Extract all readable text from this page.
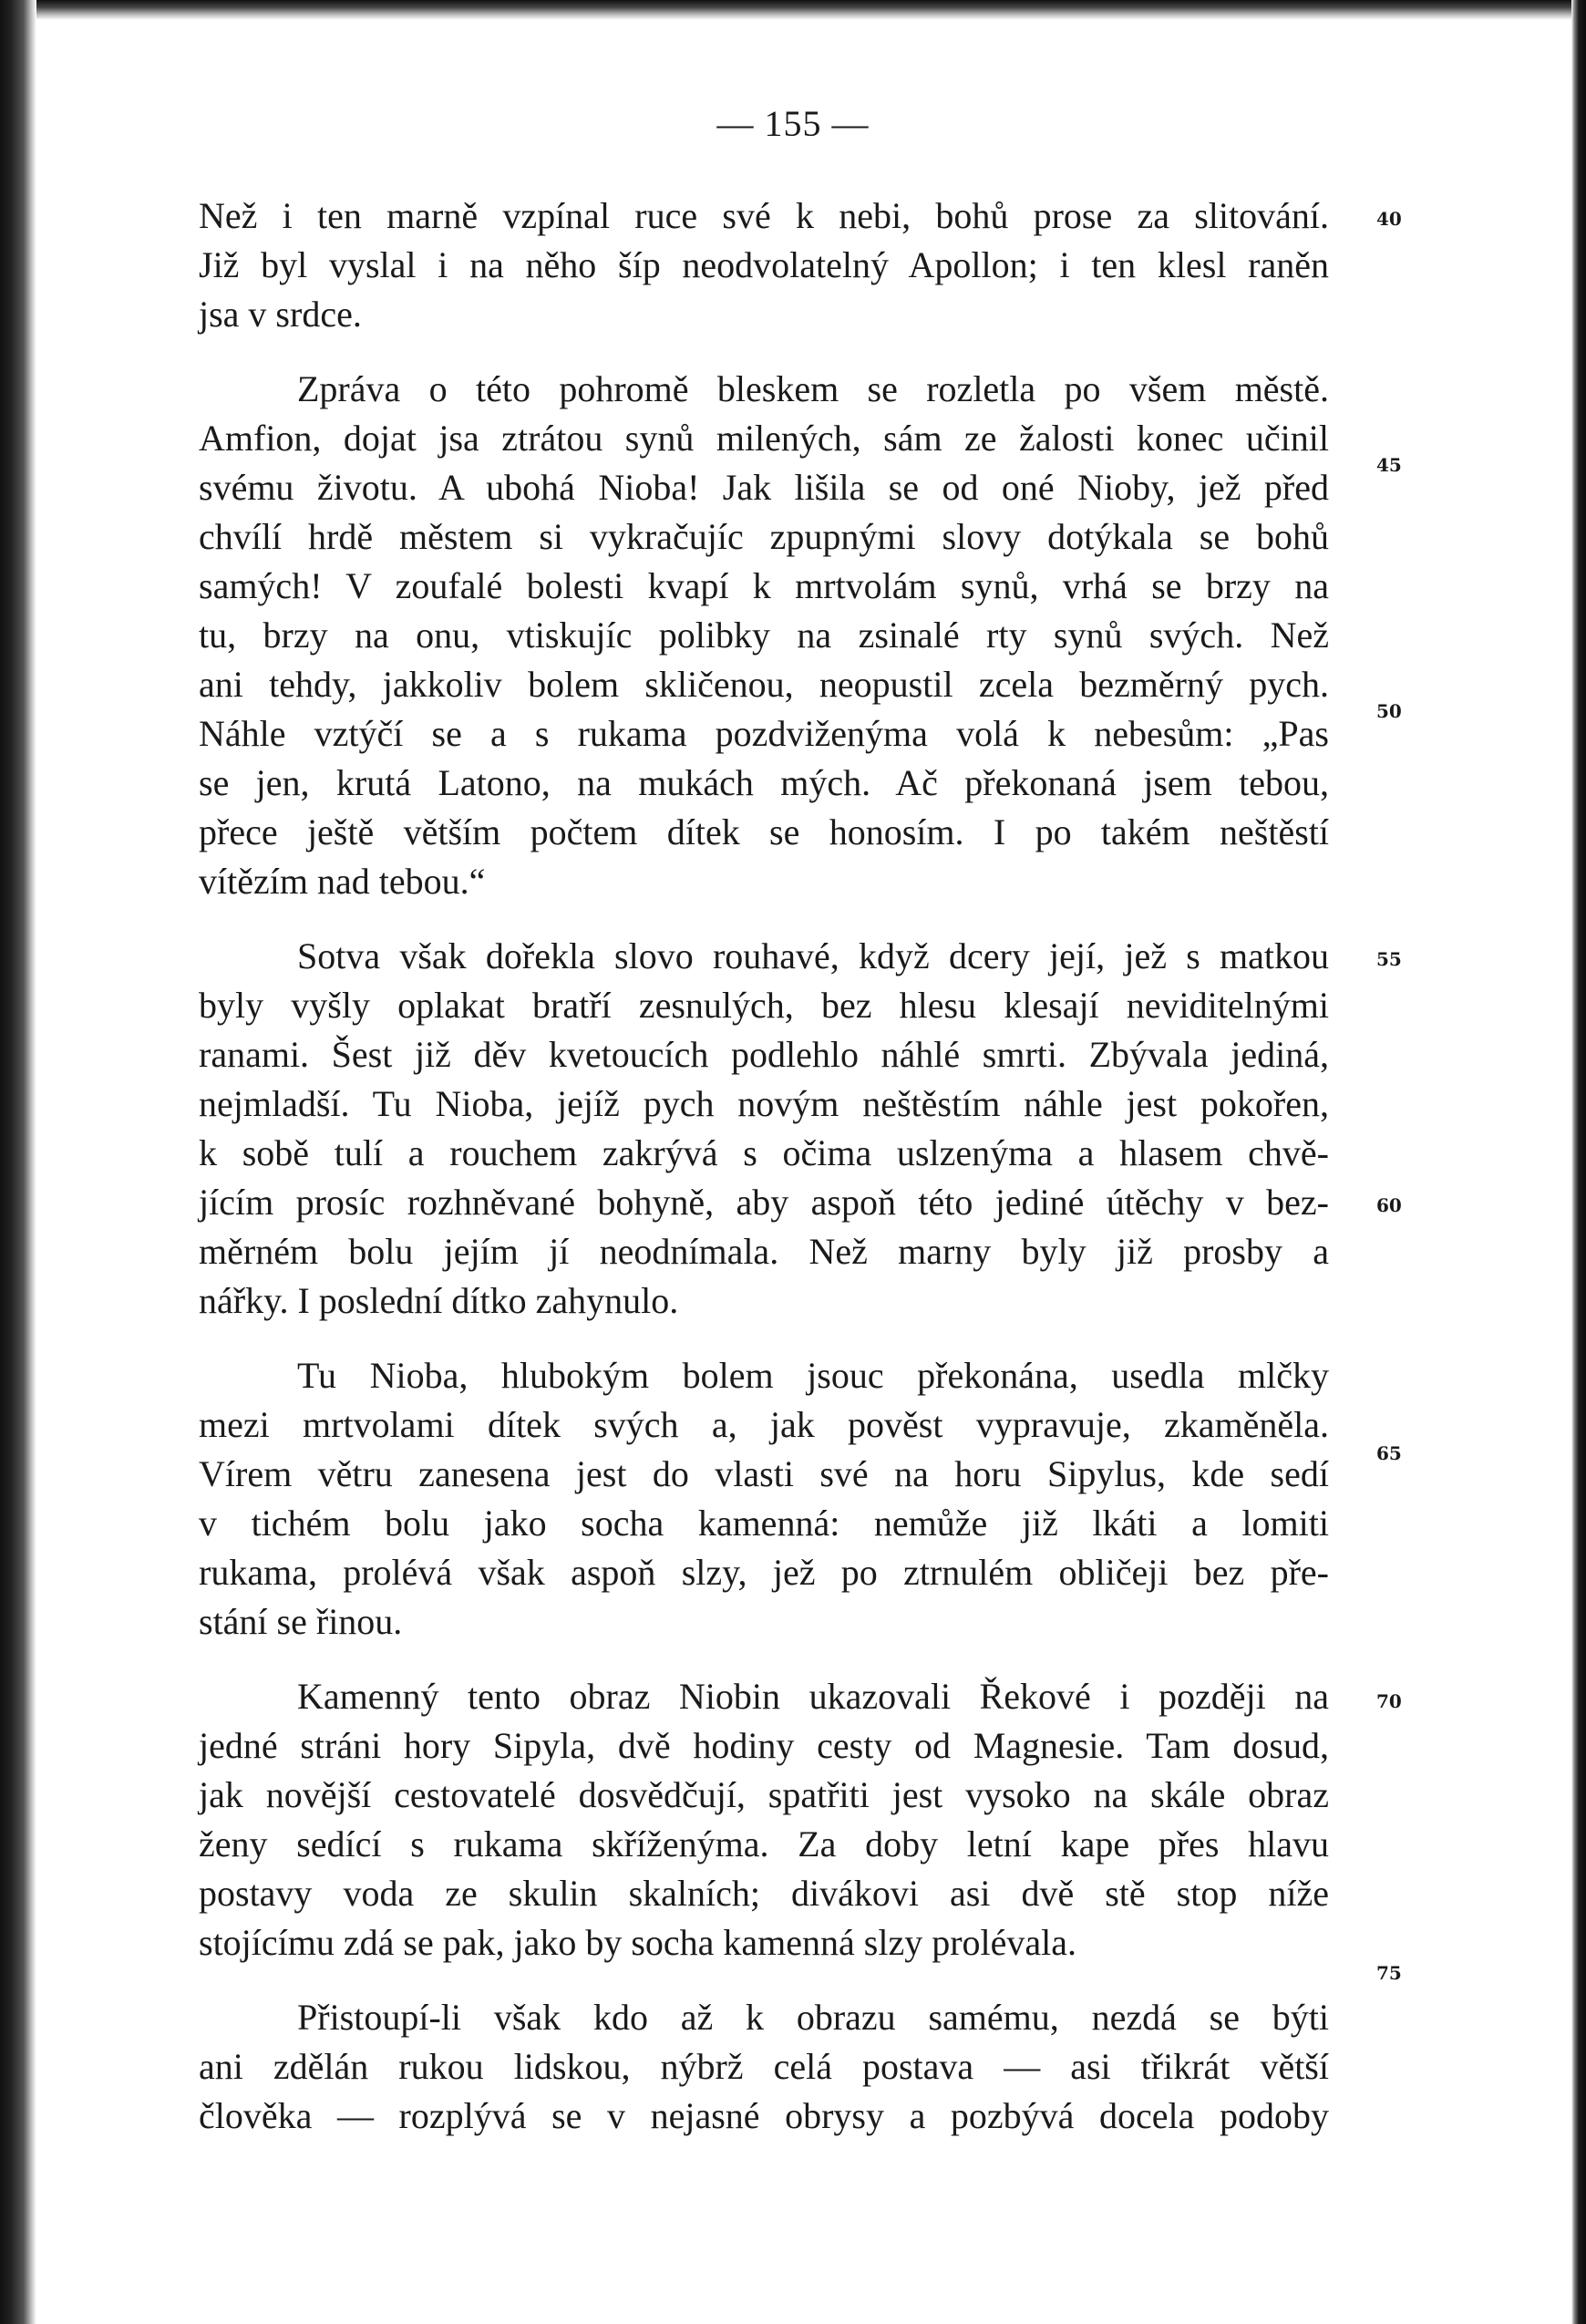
— 155 —
Než i ten marně vzpínal ruce své k nebi, bohů prose za slitování.
Již byl vyslal i na něho šíp neodvolatelný Apollon; i ten klesl raněn
jsa v srdce.
Zpráva o této pohromě bleskem se rozletla po všem městě.
Amfion, dojat jsa ztrátou synů milených, sám ze žalosti konec učinil
svému životu. A ubohá Nioba! Jak lišila se od oné Nioby, jež před
chvílí hrdě městem si vykračujíc zpupnými slovy dotýkala se bohů
samých! V zoufalé bolesti kvapí k mrtvolám synů, vrhá se brzy na
tu, brzy na onu, vtiskujíc polibky na zsinalé rty synů svých. Než
ani tehdy, jakkoliv bolem skličenou, neopustil zcela bezměrný pych.
Náhle vztýčí se a s rukama pozdviženýma volá k nebesům: „Pas
se jen, krutá Latono, na mukách mých. Ač překonaná jsem tebou,
přece ještě větším počtem dítek se honosím. I po takém neštěstí
vítězím nad tebou.“
Sotva však dořekla slovo rouhavé, když dcery její, jež s matkou
byly vyšly oplakat bratří zesnulých, bez hlesu klesají neviditelnými
ranami. Šest již děv kvetoucích podlehlo náhlé smrti. Zbývala jediná,
nejmladší. Tu Nioba, jejíž pych novým neštěstím náhle jest pokořen,
k sobě tulí a rouchem zakrývá s očima uslzenýma a hlasem chvě-
jícím prosíc rozhněvané bohyně, aby aspoň této jediné útěchy v bez-
měrném bolu jejím jí neodnímala. Než marny byly již prosby a
nářky. I poslední dítko zahynulo.
Tu Nioba, hlubokým bolem jsouc překonána, usedla mlčky
mezi mrtvolami dítek svých a, jak pověst vypravuje, zkaměněla.
Vírem větru zanesena jest do vlasti své na horu Sipylus, kde sedí
v tichém bolu jako socha kamenná: nemůže již lkáti a lomiti
rukama, prolévá však aspoň slzy, jež po ztrnulém obličeji bez pře-
stání se řinou.
Kamenný tento obraz Niobin ukazovali Řekové i později na
jedné stráni hory Sipyla, dvě hodiny cesty od Magnesie. Tam dosud,
jak novější cestovatelé dosvědčují, spatřiti jest vysoko na skále obraz
ženy sedící s rukama skříženýma. Za doby letní kape přes hlavu
postavy voda ze skulin skalních; divákovi asi dvě stě stop níže
stojícímu zdá se pak, jako by socha kamenná slzy prolévala.
Přistoupí-li však kdo až k obrazu samému, nezdá se býti
ani zdělán rukou lidskou, nýbrž celá postava — asi třikrát větší
člověka — rozplývá se v nejasné obrysy a pozbývá docela podoby
40
45
50
55
60
65
70
75
